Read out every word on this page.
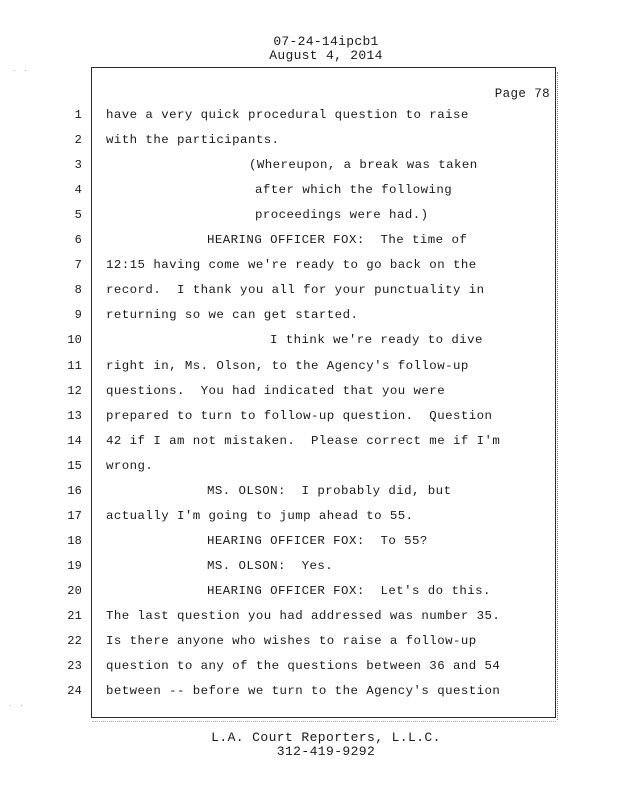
07-24-14ipcb1
August 4, 2014
Page 78
1 have a very quick procedural question to raise
2 with the participants.
3	(Whereupon, a break was taken
4	after which the following
5	proceedings were had.)
6	HEARING OFFICER FOX:  The time of
7 12:15 having come we're ready to go back on the
8 record.  I thank you all for your punctuality in
9 returning so we can get started.
10	I think we're ready to dive
11 right in, Ms. Olson, to the Agency's follow-up
12 questions.  You had indicated that you were
13 prepared to turn to follow-up question.  Question
14 42 if I am not mistaken.  Please correct me if I'm
15 wrong.
16	MS. OLSON:  I probably did, but
17 actually I'm going to jump ahead to 55.
18	HEARING OFFICER FOX:  To 55?
19	MS. OLSON:  Yes.
20	HEARING OFFICER FOX:  Let's do this.
21 The last question you had addressed was number 35.
22 Is there anyone who wishes to raise a follow-up
23 question to any of the questions between 36 and 54
24 between -- before we turn to the Agency's question
L.A. Court Reporters, L.L.C.
312-419-9292
˙ ˙
˙ ˙
